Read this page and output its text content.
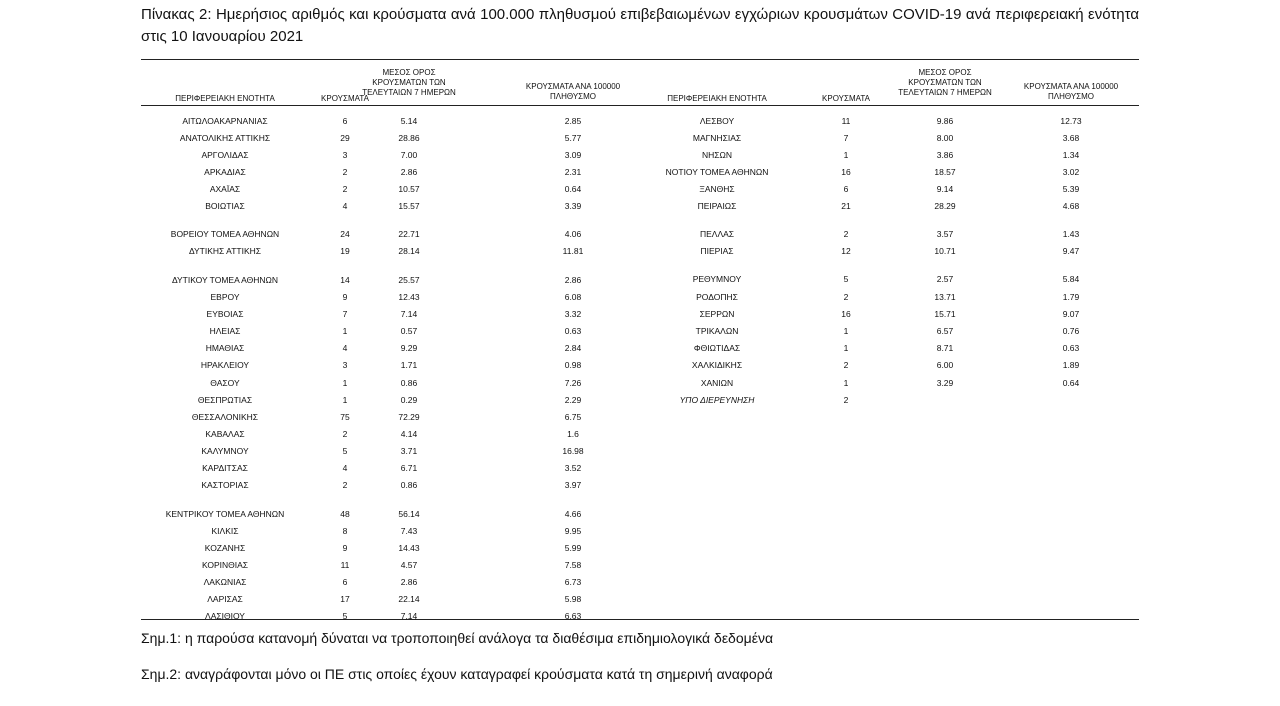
Πίνακας 2: Ημερήσιος αριθμός και κρούσματα ανά 100.000 πληθυσμού επιβεβαιωμένων εγχώριων κρουσμάτων COVID-19 ανά περιφερειακή ενότητα στις 10 Ιανουαρίου 2021

ΠΕΡΙΦΕΡΕΙΑΚΗ ΕΝΟΤΗΤΑ	ΚΡΟΥΣΜΑΤΑ
ΜΕΣΟΣ ΟΡΟΣ
ΚΡΟΥΣΜΑΤΩΝ ΤΩΝ
ΤΕΛΕΥΤΑΙΩΝ 7 ΗΜΕΡΩΝ
ΚΡΟΥΣΜΑΤΑ ΑΝΑ 100000
ΠΛΗΘΥΣΜΟ	ΠΕΡΙΦΕΡΕΙΑΚΗ ΕΝΟΤΗΤΑ	ΚΡΟΥΣΜΑΤΑ
ΜΕΣΟΣ ΟΡΟΣ
ΚΡΟΥΣΜΑΤΩΝ ΤΩΝ
ΤΕΛΕΥΤΑΙΩΝ 7 ΗΜΕΡΩΝ
ΚΡΟΥΣΜΑΤΑ ΑΝΑ 100000
ΠΛΗΘΥΣΜΟ
ΑΙΤΩΛΟΑΚΑΡΝΑΝΙΑΣ	6	5.14	2.85
ΑΝΑΤΟΛΙΚΗΣ ΑΤΤΙΚΗΣ	29	28.86	5.77
ΑΡΓΟΛΙΔΑΣ	3	7.00	3.09
ΑΡΚΑΔΙΑΣ	2	2.86	2.31
ΑΧΑΪΑΣ	2	10.57	0.64
ΒΟΙΩΤΙΑΣ	4	15.57	3.39
ΒΟΡΕΙΟΥ ΤΟΜΕΑ ΑΘΗΝΩΝ	24	22.71	4.06
ΔΥΤΙΚΗΣ ΑΤΤΙΚΗΣ	19	28.14	11.81
ΔΥΤΙΚΟΥ ΤΟΜΕΑ ΑΘΗΝΩΝ	14	25.57	2.86
ΕΒΡΟΥ	9	12.43	6.08
ΕΥΒΟΙΑΣ	7	7.14	3.32
ΗΛΕΙΑΣ	1	0.57	0.63
ΗΜΑΘΙΑΣ	4	9.29	2.84
ΗΡΑΚΛΕΙΟΥ	3	1.71	0.98
ΘΑΣΟΥ	1	0.86	7.26
ΘΕΣΠΡΩΤΙΑΣ	1	0.29	2.29
ΘΕΣΣΑΛΟΝΙΚΗΣ	75	72.29	6.75
ΚΑΒΑΛΑΣ	2	4.14	1.6
ΚΑΛΥΜΝΟΥ	5	3.71	16.98
ΚΑΡΔΙΤΣΑΣ	4	6.71	3.52
ΚΑΣΤΟΡΙΑΣ	2	0.86	3.97
ΚΕΝΤΡΙΚΟΥ ΤΟΜΕΑ ΑΘΗΝΩΝ	48	56.14	4.66
ΚΙΛΚΙΣ	8	7.43	9.95
ΚΟΖΑΝΗΣ	9	14.43	5.99
ΚΟΡΙΝΘΙΑΣ	11	4.57	7.58
ΛΑΚΩΝΙΑΣ	6	2.86	6.73
ΛΑΡΙΣΑΣ	17	22.14	5.98
ΛΑΣΙΘΙΟΥ	5	7.14	6.63
ΛΕΣΒΟΥ	11	9.86	12.73
ΜΑΓΝΗΣΙΑΣ	7	8.00	3.68
ΝΗΣΩΝ	1	3.86	1.34
ΝΟΤΙΟΥ ΤΟΜΕΑ ΑΘΗΝΩΝ	16	18.57	3.02
ΞΑΝΘΗΣ	6	9.14	5.39
ΠΕΙΡΑΙΩΣ	21	28.29	4.68
ΠΕΛΛΑΣ	2	3.57	1.43
ΠΙΕΡΙΑΣ	12	10.71	9.47
ΡΕΘΥΜΝΟΥ	5	2.57	5.84
ΡΟΔΟΠΗΣ	2	13.71	1.79
ΣΕΡΡΩΝ	16	15.71	9.07
ΤΡΙΚΑΛΩΝ	1	6.57	0.76
ΦΘΙΩΤΙΔΑΣ	1	8.71	0.63
ΧΑΛΚΙΔΙΚΗΣ	2	6.00	1.89
ΧΑΝΙΩΝ	1	3.29	0.64
ΥΠΟ ΔΙΕΡΕΥΝΗΣΗ	2
Σημ.1: η παρούσα κατανομή δύναται να τροποποιηθεί ανάλογα τα διαθέσιμα επιδημιολογικά δεδομένα
Σημ.2: αναγράφονται μόνο οι ΠΕ στις οποίες έχουν καταγραφεί κρούσματα κατά τη σημερινή αναφορά
